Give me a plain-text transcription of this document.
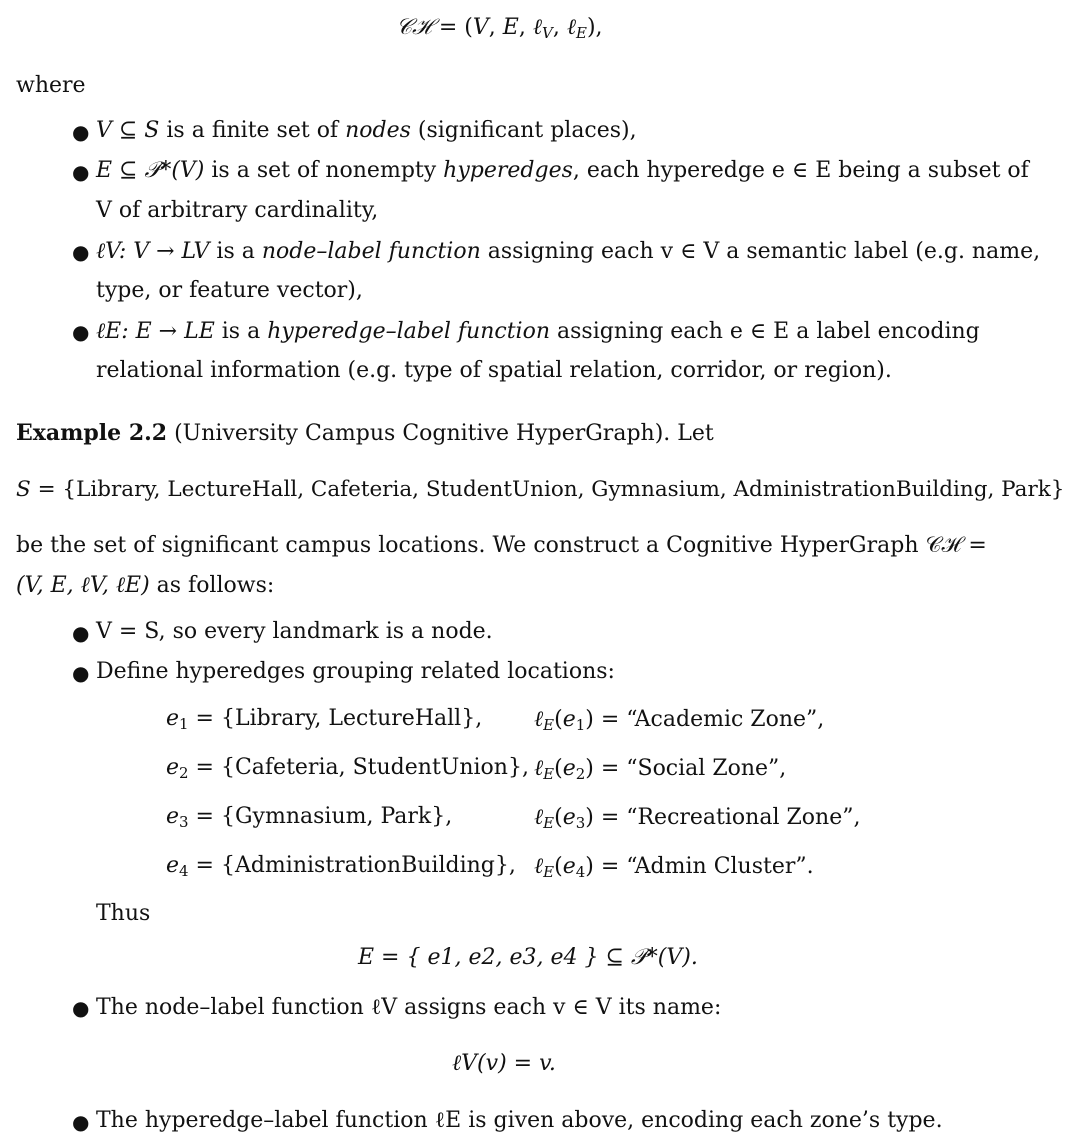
𝒞ℋ = (V, E, ℓ$_V$, ℓ$_E$),
where
● V ⊆ S is a finite set of nodes (significant places),
● E ⊆ 𝒫*(V) is a set of nonempty hyperedges, each hyperedge e ∈ E being a subset of
V of arbitrary cardinality,
● ℓV: V → LV is a node–label function assigning each v ∈ V a semantic label (e.g. name,
type, or feature vector),
● ℓE: E → LE is a hyperedge–label function assigning each e ∈ E a label encoding
relational information (e.g. type of spatial relation, corridor, or region).
Example 2.2 (University Campus Cognitive HyperGraph). Let
S = {Library, LectureHall, Cafeteria, StudentUnion, Gymnasium, AdministrationBuilding, Park}
be the set of significant campus locations. We construct a Cognitive HyperGraph 𝒞ℋ =
(V, E, ℓV, ℓE) as follows:
● V = S, so every landmark is a node.
● Define hyperedges grouping related locations:
$e_1$ = {Library, LectureHall}, $\ell_E(e_1)$ = “Academic Zone”,
$e_2$ = {Cafeteria, StudentUnion}, $\ell_E(e_2)$ = “Social Zone”,
$e_3$ = {Gymnasium, Park},	$\ell_E(e_3)$ = “Recreational Zone”,
$e_4$ = {AdministrationBuilding}, $\ell_E(e_4)$ = “Admin Cluster”.
Thus
E = { e1, e2, e3, e4 } ⊆ 𝒫*(V).
● The node–label function ℓV assigns each v ∈ V its name:
ℓV(v) = v.
● The hyperedge–label function ℓE is given above, encoding each zone’s type.
